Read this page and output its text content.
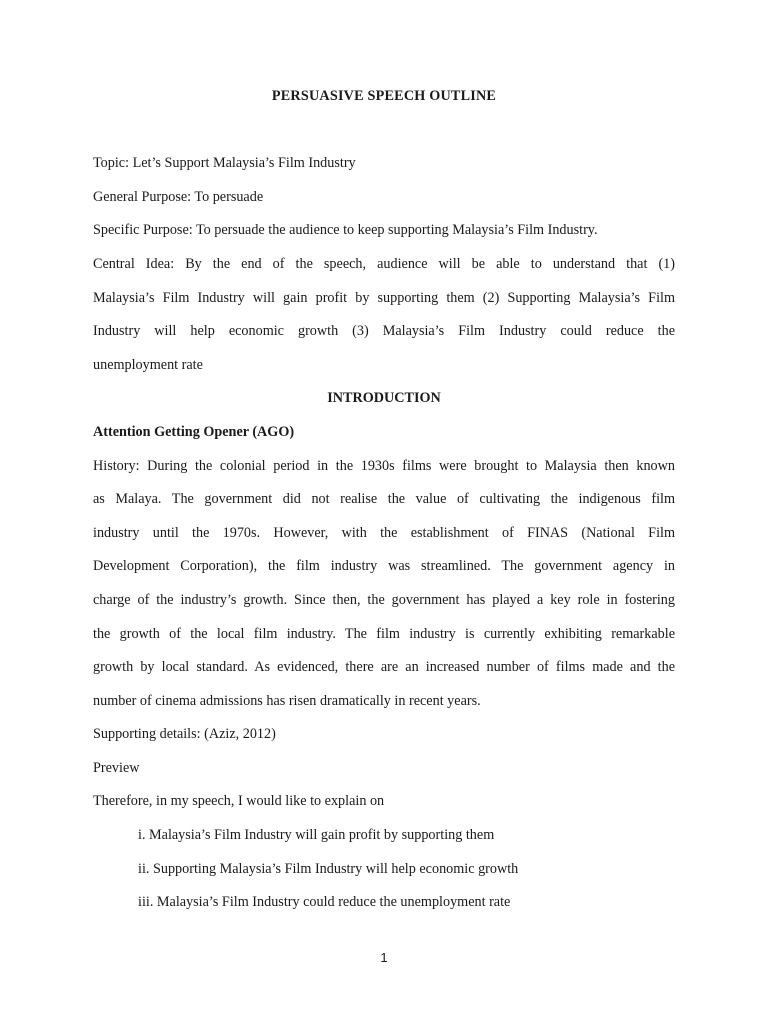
PERSUASIVE SPEECH OUTLINE
Topic: Let’s Support Malaysia’s Film Industry
General Purpose: To persuade
Specific Purpose: To persuade the audience to keep supporting Malaysia’s Film Industry.
Central Idea: By the end of the speech, audience will be able to understand that (1)
Malaysia’s Film Industry will gain profit by supporting them (2) Supporting Malaysia’s Film
Industry will help economic growth (3) Malaysia’s Film Industry could reduce the
unemployment rate
INTRODUCTION
Attention Getting Opener (AGO)
History: During the colonial period in the 1930s films were brought to Malaysia then known
as Malaya. The government did not realise the value of cultivating the indigenous film
industry until the 1970s. However, with the establishment of FINAS (National Film
Development Corporation), the film industry was streamlined. The government agency in
charge of the industry’s growth. Since then, the government has played a key role in fostering
the growth of the local film industry. The film industry is currently exhibiting remarkable
growth by local standard. As evidenced, there are an increased number of films made and the
number of cinema admissions has risen dramatically in recent years.
Supporting details: (Aziz, 2012)
Preview
Therefore, in my speech, I would like to explain on
i. Malaysia’s Film Industry will gain profit by supporting them
ii. Supporting Malaysia’s Film Industry will help economic growth
iii. Malaysia’s Film Industry could reduce the unemployment rate
1
